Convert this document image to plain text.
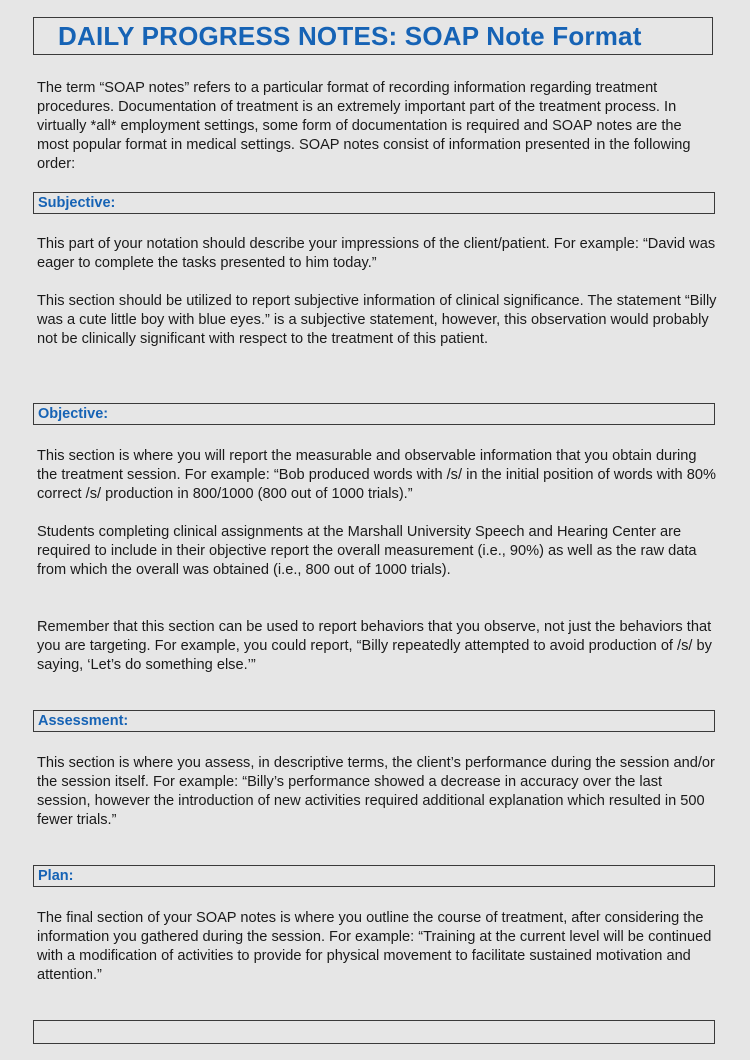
DAILY PROGRESS NOTES: SOAP Note Format

The term “SOAP notes” refers to a particular format of recording information regarding treatment procedures. Documentation of treatment is an extremely important part of the treatment process. In virtually *all* employment settings, some form of documentation is required and SOAP notes are the most popular format in medical settings. SOAP notes consist of information presented in the following order:

Subjective:

This part of your notation should describe your impressions of the client/patient. For example: “David was eager to complete the tasks presented to him today.”

This section should be utilized to report subjective information of clinical significance. The statement “Billy was a cute little boy with blue eyes.” is a subjective statement, however, this observation would probably not be clinically significant with respect to the treatment of this patient.

Objective:

This section is where you will report the measurable and observable information that you obtain during the treatment session. For example: “Bob produced words with /s/ in the initial position of words with 80% correct /s/ production in 800/1000 (800 out of 1000 trials).”

Students completing clinical assignments at the Marshall University Speech and Hearing Center are required to include in their objective report the overall measurement (i.e., 90%) as well as the raw data from which the overall was obtained (i.e., 800 out of 1000 trials).

Remember that this section can be used to report behaviors that you observe, not just the behaviors that you are targeting. For example, you could report, “Billy repeatedly attempted to avoid production of /s/ by saying, ‘Let’s do something else.’”

Assessment:

This section is where you assess, in descriptive terms, the client’s performance during the session and/or the session itself. For example: “Billy’s performance showed a decrease in accuracy over the last session, however the introduction of new activities required additional explanation which resulted in 500 fewer trials.”

Plan:

The final section of your SOAP notes is where you outline the course of treatment, after considering the information you gathered during the session. For example: “Training at the current level will be continued with a modification of activities to provide for physical movement to facilitate sustained motivation and attention.”
